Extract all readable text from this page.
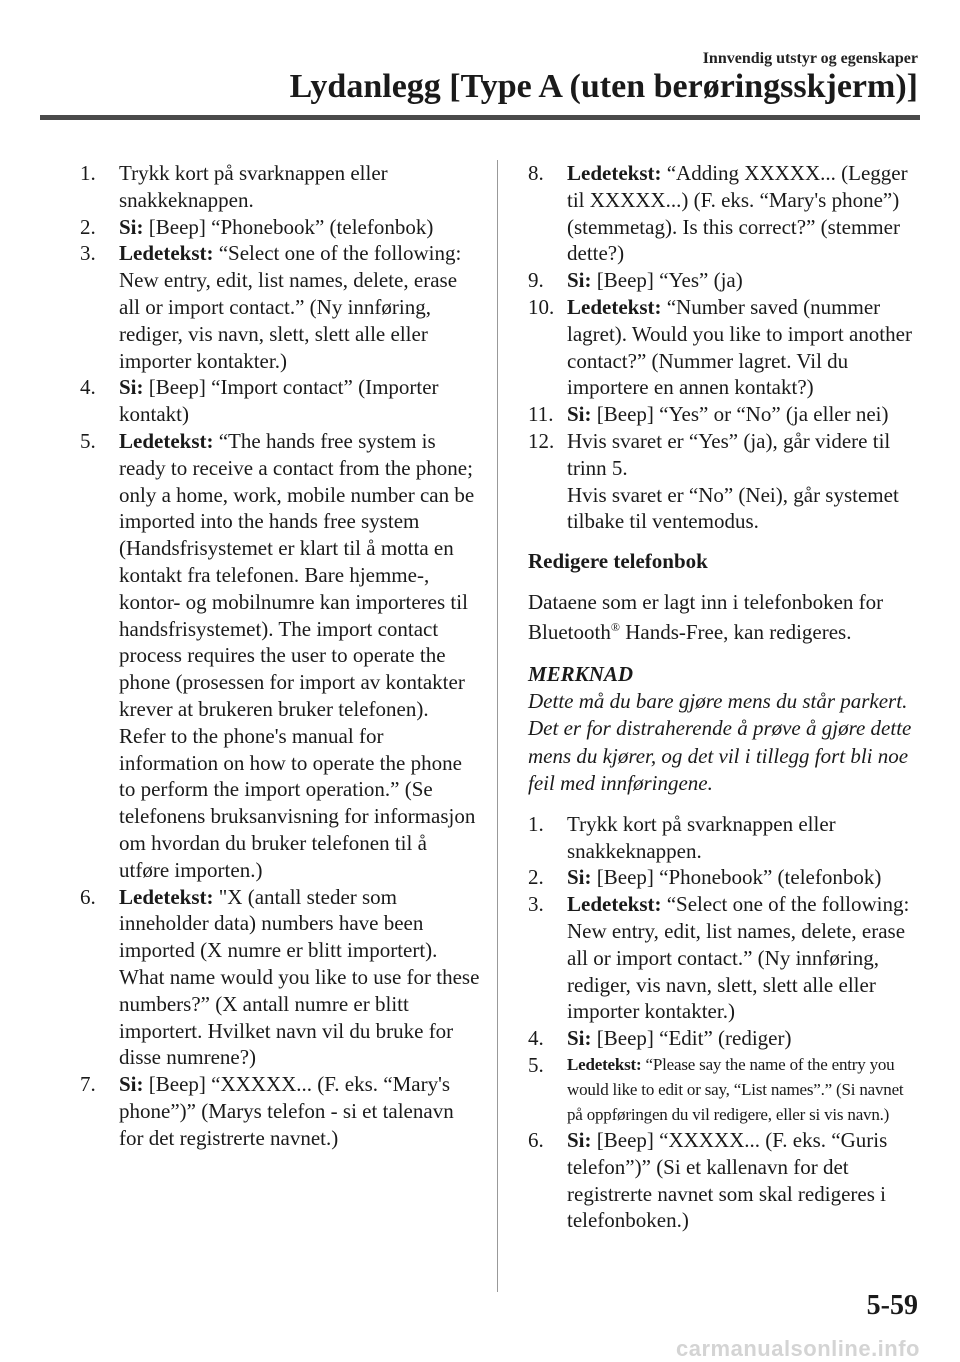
Innvendig utstyr og egenskaper
Lydanlegg [Type A (uten berøringsskjerm)]
1. Trykk kort på svarknappen eller snakkeknappen.
2. Si: [Beep] “Phonebook” (telefonbok)
3. Ledetekst: “Select one of the following: New entry, edit, list names, delete, erase all or import contact.” (Ny innføring, rediger, vis navn, slett, slett alle eller importer kontakter.)
4. Si: [Beep] “Import contact” (Importer kontakt)
5. Ledetekst: “The hands free system is ready to receive a contact from the phone; only a home, work, mobile number can be imported into the hands free system (Handsfrisystemet er klart til å motta en kontakt fra telefonen. Bare hjemme-, kontor- og mobilnumre kan importeres til handsfrisystemet). The import contact process requires the user to operate the phone (prosessen for import av kontakter krever at brukeren bruker telefonen). Refer to the phone's manual for information on how to operate the phone to perform the import operation.” (Se telefonens bruksanvisning for informasjon om hvordan du bruker telefonen til å utføre importen.)
6. Ledetekst: "X (antall steder som inneholder data) numbers have been imported (X numre er blitt importert). What name would you like to use for these numbers?” (X antall numre er blitt importert. Hvilket navn vil du bruke for disse numrene?)
7. Si: [Beep] “XXXXX... (F. eks. “Mary's phone”)” (Marys telefon - si et talenavn for det registrerte navnet.)
8. Ledetekst: “Adding XXXXX... (Legger til XXXXX...) (F. eks. “Mary's phone”) (stemmetag). Is this correct?” (stemmer dette?)
9. Si: [Beep] “Yes” (ja)
10. Ledetekst: “Number saved (nummer lagret). Would you like to import another contact?” (Nummer lagret. Vil du importere en annen kontakt?)
11. Si: [Beep] “Yes” or “No” (ja eller nei)
12. Hvis svaret er “Yes” (ja), går videre til trinn 5.
Hvis svaret er “No” (Nei), går systemet tilbake til ventemodus.
Redigere telefonbok
Dataene som er lagt inn i telefonboken for Bluetooth® Hands-Free, kan redigeres.
MERKNAD
Dette må du bare gjøre mens du står parkert. Det er for distraherende å prøve å gjøre dette mens du kjører, og det vil i tillegg fort bli noe feil med innføringene.
1. Trykk kort på svarknappen eller snakkeknappen.
2. Si: [Beep] “Phonebook” (telefonbok)
3. Ledetekst: “Select one of the following: New entry, edit, list names, delete, erase all or import contact.” (Ny innføring, rediger, vis navn, slett, slett alle eller importer kontakter.)
4. Si: [Beep] “Edit” (rediger)
5. Ledetekst: “Please say the name of the entry you would like to edit or say, “List names”.” (Si navnet på oppføringen du vil redigere, eller si vis navn.)
6. Si: [Beep] “XXXXX... (F. eks. “Guris telefon”)” (Si et kallenavn for det registrerte navnet som skal redigeres i telefonboken.)
5-59
carmanualsonline.info
